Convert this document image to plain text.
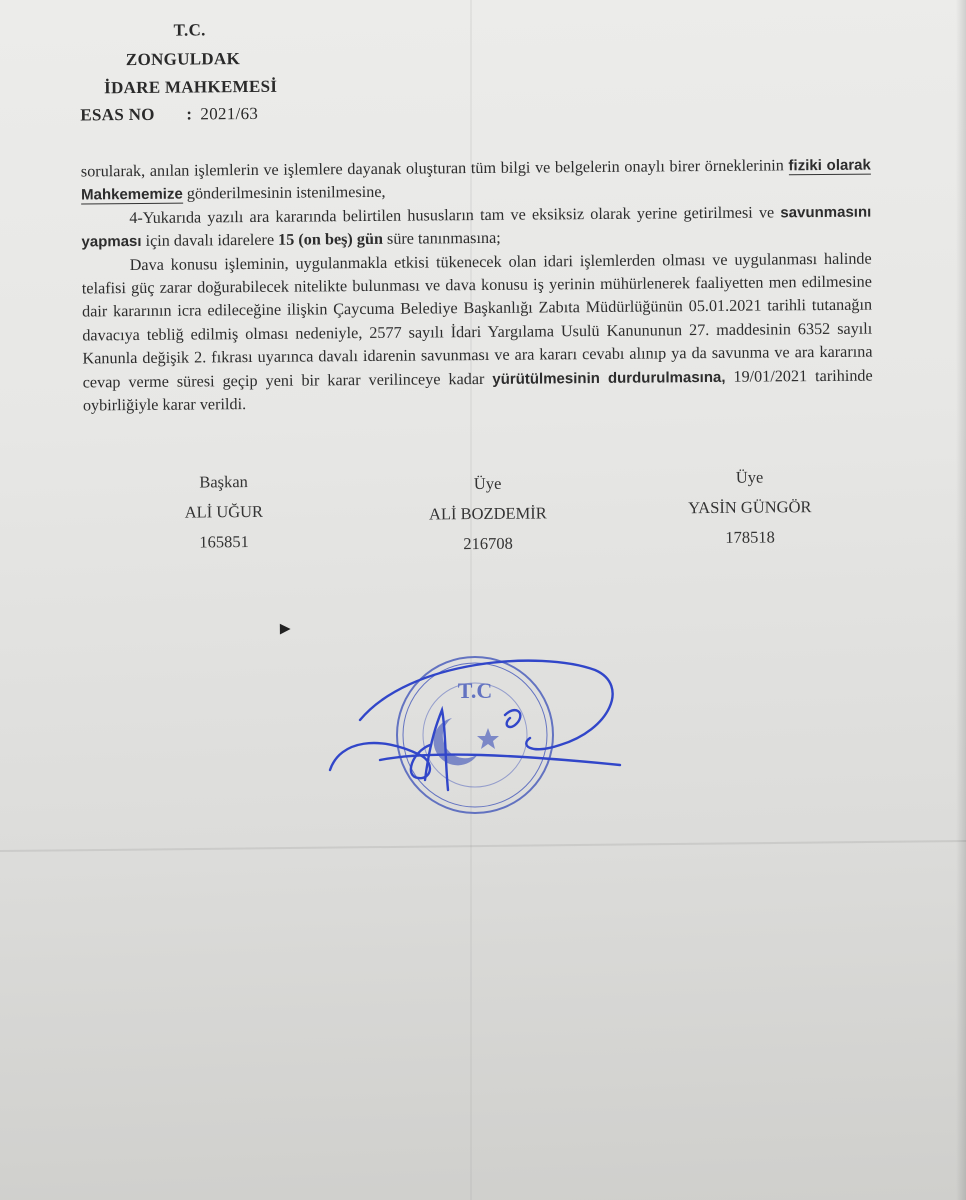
T.C.
ZONGULDAK
İDARE MAHKEMESİ
ESAS NO : 2021/63

sorularak, anılan işlemlerin ve işlemlere dayanak oluşturan tüm bilgi ve belgelerin onaylı birer örneklerinin fiziki olarak Mahkememize gönderilmesinin istenilmesine,

4-Yukarıda yazılı ara kararında belirtilen hususların tam ve eksiksiz olarak yerine getirilmesi ve savunmasını yapması için davalı idarelere 15 (on beş) gün süre tanınmasına;

Dava konusu işleminin, uygulanmakla etkisi tükenecek olan idari işlemlerden olması ve uygulanması halinde telafisi güç zarar doğurabilecek nitelikte bulunması ve dava konusu iş yerinin mühürlenerek faaliyetten men edilmesine dair kararının icra edileceğine ilişkin Çaycuma Belediye Başkanlığı Zabıta Müdürlüğünün 05.01.2021 tarihli tutanağın davacıya tebliğ edilmiş olması nedeniyle, 2577 sayılı İdari Yargılama Usulü Kanununun 27. maddesinin 6352 sayılı Kanunla değişik 2. fıkrası uyarınca davalı idarenin savunması ve ara kararı cevabı alınıp ya da savunma ve ara kararına cevap verme süresi geçip yeni bir karar verilinceye kadar yürütülmesinin durdurulmasına, 19/01/2021 tarihinde oybirliğiyle karar verildi.

Başkan
ALİ UĞUR
165851
Üye
ALİ BOZDEMİR
216708
Üye
YASİN GÜNGÖR
178518
▶
T.C
